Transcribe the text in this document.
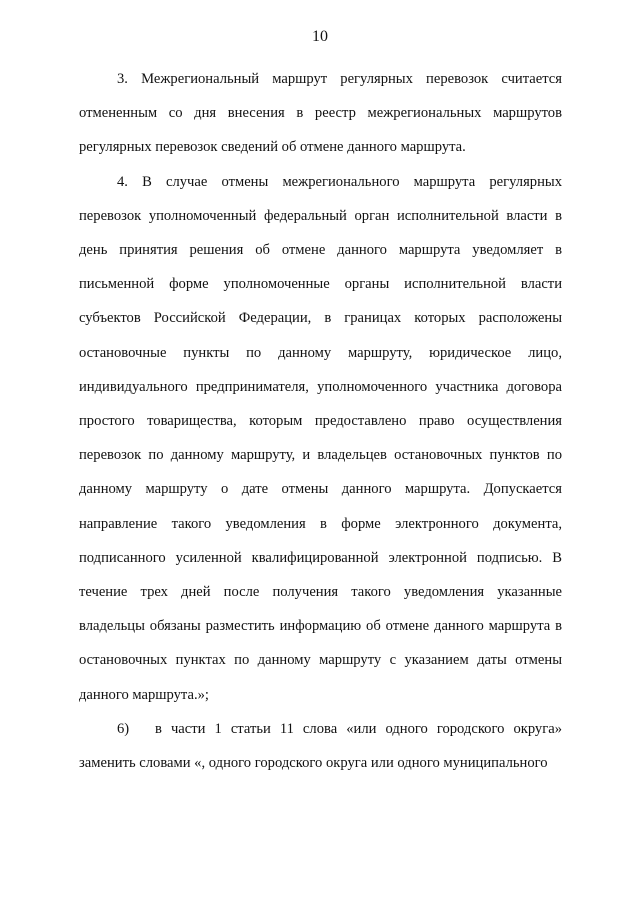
10

3. Межрегиональный маршрут регулярных перевозок считается отмененным со дня внесения в реестр межрегиональных маршрутов регулярных перевозок сведений об отмене данного маршрута.

4. В случае отмены межрегионального маршрута регулярных перевозок уполномоченный федеральный орган исполнительной власти в день принятия решения об отмене данного маршрута уведомляет в письменной форме уполномоченные органы исполнительной власти субъектов Российской Федерации, в границах которых расположены остановочные пункты по данному маршруту, юридическое лицо, индивидуального предпринимателя, уполномоченного участника договора простого товарищества, которым предоставлено право осуществления перевозок по данному маршруту, и владельцев остановочных пунктов по данному маршруту о дате отмены данного маршрута. Допускается направление такого уведомления в форме электронного документа, подписанного усиленной квалифицированной электронной подписью. В течение трех дней после получения такого уведомления указанные владельцы обязаны разместить информацию об отмене данного маршрута в остановочных пунктах по данному маршруту с указанием даты отмены данного маршрута.»;

6) в части 1 статьи 11 слова «или одного городского округа» заменить словами «, одного городского округа или одного муниципального
